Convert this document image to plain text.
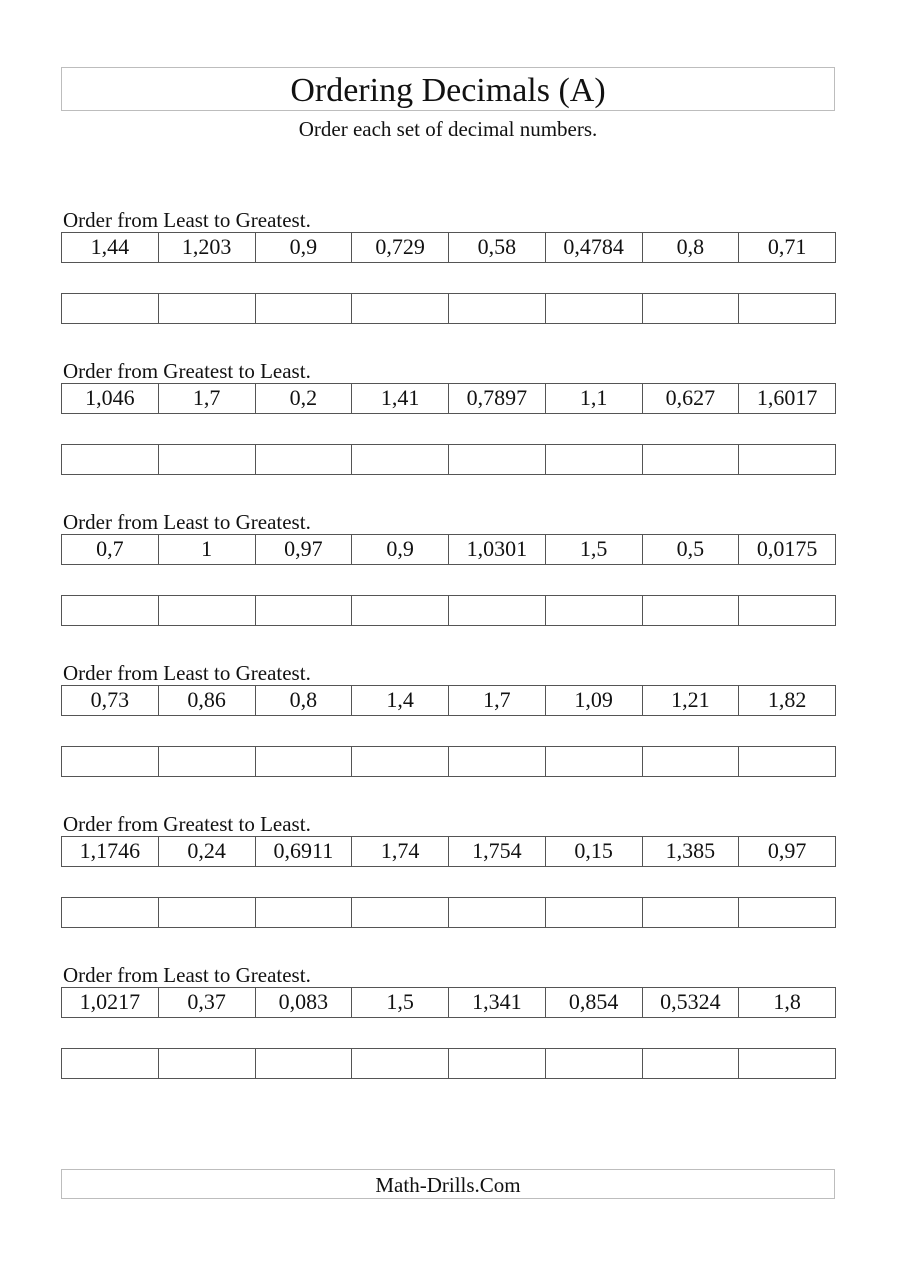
Ordering Decimals (A)
Order each set of decimal numbers.
Order from Least to Greatest.
1,44	1,203	0,9	0,729	0,58	0,4784	0,8	0,71
Order from Greatest to Least.
1,046	1,7	0,2	1,41	0,7897	1,1	0,627	1,6017
Order from Least to Greatest.
0,7	1	0,97	0,9	1,0301	1,5	0,5	0,0175
Order from Least to Greatest.
0,73	0,86	0,8	1,4	1,7	1,09	1,21	1,82
Order from Greatest to Least.
1,1746	0,24	0,6911	1,74	1,754	0,15	1,385	0,97
Order from Least to Greatest.
1,0217	0,37	0,083	1,5	1,341	0,854	0,5324	1,8
Math-Drills.Com
